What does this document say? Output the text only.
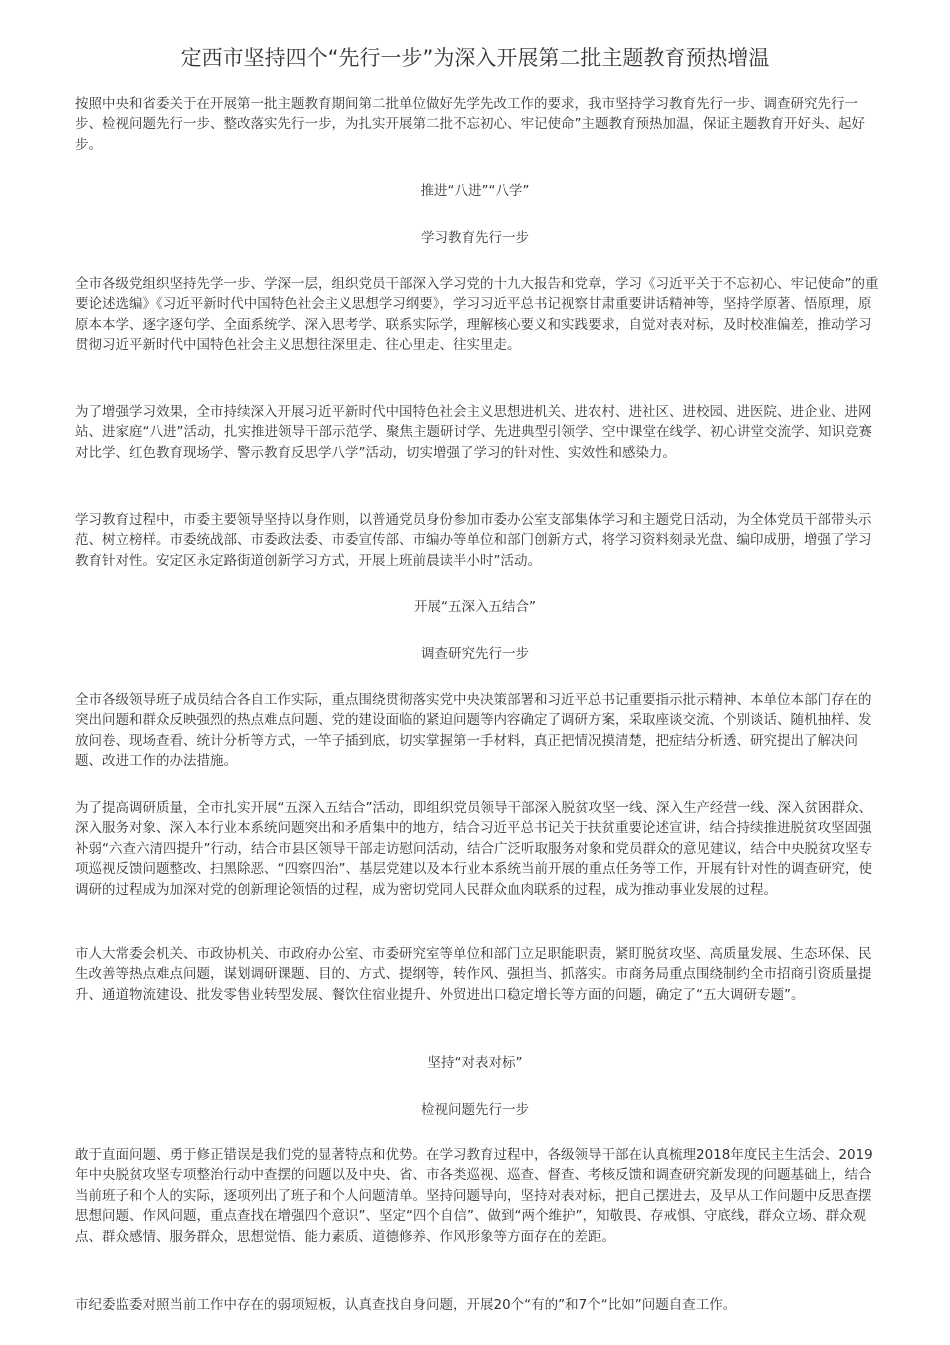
定西市坚持四个“先行一步”为深入开展第二批主题教育预热增温

按照中央和省委关于在开展第一批主题教育期间第二批单位做好先学先改工作的要求，我市坚持学习教育先行一步、调查研究先行一步、检视问题先行一步、整改落实先行一步，为扎实开展第二批不忘初心、牢记使命”主题教育预热加温，保证主题教育开好头、起好步。

推进“八进”“八学”

学习教育先行一步

全市各级党组织坚持先学一步、学深一层，组织党员干部深入学习党的十九大报告和党章，学习《习近平关于不忘初心、牢记使命”的重要论述选编》《习近平新时代中国特色社会主义思想学习纲要》，学习习近平总书记视察甘肃重要讲话精神等，坚持学原著、悟原理，原原本本学、逐字逐句学、全面系统学、深入思考学、联系实际学，理解核心要义和实践要求，自觉对表对标，及时校准偏差，推动学习贯彻习近平新时代中国特色社会主义思想往深里走、往心里走、往实里走。

为了增强学习效果，全市持续深入开展习近平新时代中国特色社会主义思想进机关、进农村、进社区、进校园、进医院、进企业、进网站、进家庭“八进”活动，扎实推进领导干部示范学、聚焦主题研讨学、先进典型引领学、空中课堂在线学、初心讲堂交流学、知识竞赛对比学、红色教育现场学、警示教育反思学八学”活动，切实增强了学习的针对性、实效性和感染力。

学习教育过程中，市委主要领导坚持以身作则，以普通党员身份参加市委办公室支部集体学习和主题党日活动，为全体党员干部带头示范、树立榜样。市委统战部、市委政法委、市委宣传部、市编办等单位和部门创新方式，将学习资料刻录光盘、编印成册，增强了学习教育针对性。安定区永定路街道创新学习方式，开展上班前晨读半小时”活动。

开展“五深入五结合”

调查研究先行一步

全市各级领导班子成员结合各自工作实际，重点围绕贯彻落实党中央决策部署和习近平总书记重要指示批示精神、本单位本部门存在的突出问题和群众反映强烈的热点难点问题、党的建设面临的紧迫问题等内容确定了调研方案，采取座谈交流、个别谈话、随机抽样、发放问卷、现场查看、统计分析等方式，一竿子插到底，切实掌握第一手材料，真正把情况摸清楚，把症结分析透、研究提出了解决问题、改进工作的办法措施。

为了提高调研质量，全市扎实开展“五深入五结合”活动，即组织党员领导干部深入脱贫攻坚一线、深入生产经营一线、深入贫困群众、深入服务对象、深入本行业本系统问题突出和矛盾集中的地方，结合习近平总书记关于扶贫重要论述宣讲，结合持续推进脱贫攻坚固强补弱“六查六清四提升”行动，结合市县区领导干部走访慰问活动，结合广泛听取服务对象和党员群众的意见建议，结合中央脱贫攻坚专项巡视反馈问题整改、扫黑除恶、“四察四治”、基层党建以及本行业本系统当前开展的重点任务等工作，开展有针对性的调查研究，使调研的过程成为加深对党的创新理论领悟的过程，成为密切党同人民群众血肉联系的过程，成为推动事业发展的过程。

市人大常委会机关、市政协机关、市政府办公室、市委研究室等单位和部门立足职能职责，紧盯脱贫攻坚、高质量发展、生态环保、民生改善等热点难点问题，谋划调研课题、目的、方式、提纲等，转作风、强担当、抓落实。市商务局重点围绕制约全市招商引资质量提升、通道物流建设、批发零售业转型发展、餐饮住宿业提升、外贸进出口稳定增长等方面的问题，确定了“五大调研专题”。

坚持“对表对标”

检视问题先行一步

敢于直面问题、勇于修正错误是我们党的显著特点和优势。在学习教育过程中，各级领导干部在认真梳理2018年度民主生活会、2019年中央脱贫攻坚专项整治行动中查摆的问题以及中央、省、市各类巡视、巡查、督查、考核反馈和调查研究新发现的问题基础上，结合当前班子和个人的实际，逐项列出了班子和个人问题清单。坚持问题导向，坚持对表对标，把自己摆进去，及早从工作问题中反思查摆思想问题、作风问题，重点查找在增强四个意识”、坚定“四个自信”、做到“两个维护”，知敬畏、存戒惧、守底线，群众立场、群众观点、群众感情、服务群众，思想觉悟、能力素质、道德修养、作风形象等方面存在的差距。

市纪委监委对照当前工作中存在的弱项短板，认真查找自身问题，开展20个“有的”和7个“比如”问题自查工作。
